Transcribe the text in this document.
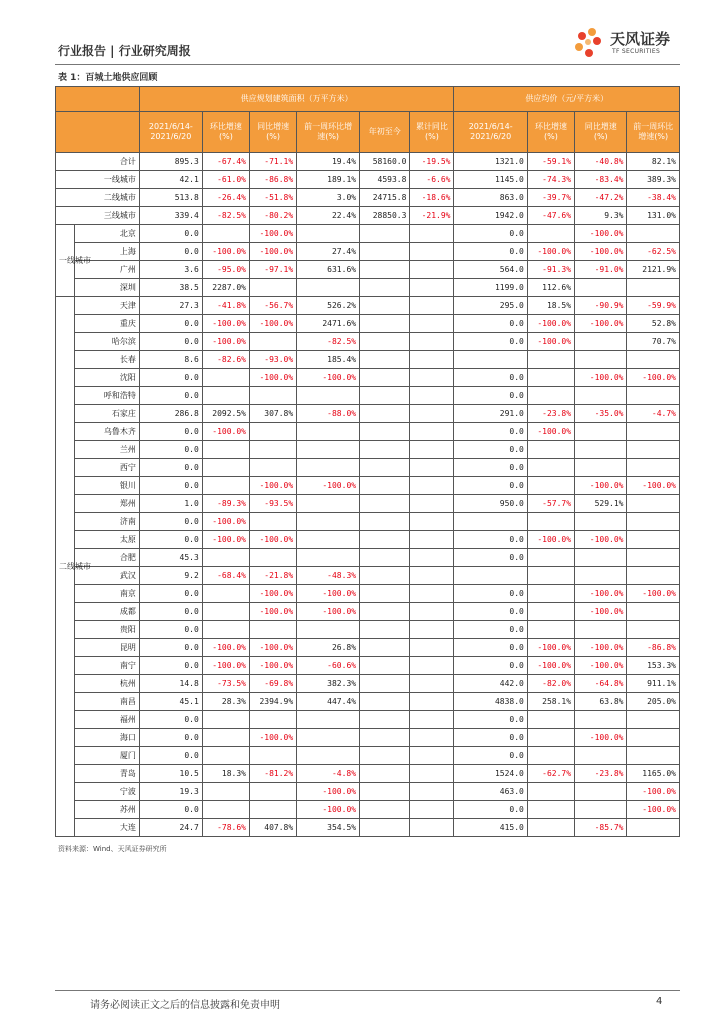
行业报告 | 行业研究周报
天风证券
TF SECURITIES
表 1：百城土地供应回顾
		供应规划建筑面积（万平方米）						供应均价（元/平方米）			
		2021/6/14-2021/6/20	环比增速(%)	同比增速(%)	前一周环比增速(%)	年初至今	累计同比(%)	2021/6/14-2021/6/20	环比增速(%)	同比增速(%)	前一周环比增速(%)
合计		895.3	-67.4%	-71.1%	19.4%	58160.0	-19.5%	1321.0	-59.1%	-40.8%	82.1%
一线城市		42.1	-61.0%	-86.8%	189.1%	4593.8	-6.6%	1145.0	-74.3%	-83.4%	389.3%
二线城市		513.8	-26.4%	-51.8%	3.0%	24715.8	-18.6%	863.0	-39.7%	-47.2%	-38.4%
三线城市		339.4	-82.5%	-80.2%	22.4%	28850.3	-21.9%	1942.0	-47.6%	9.3%	131.0%
一线城市	北京	0.0		-100.0%				0.0		-100.0%	
	上海	0.0	-100.0%	-100.0%	27.4%			0.0	-100.0%	-100.0%	-62.5%
	广州	3.6	-95.0%	-97.1%	631.6%			564.0	-91.3%	-91.0%	2121.9%
	深圳	38.5	2287.0%					1199.0	112.6%		
二线城市	天津	27.3	-41.8%	-56.7%	526.2%			295.0	18.5%	-90.9%	-59.9%
	重庆	0.0	-100.0%	-100.0%	2471.6%			0.0	-100.0%	-100.0%	52.8%
	哈尔滨	0.0	-100.0%		-82.5%			0.0	-100.0%		70.7%
	长春	8.6	-82.6%	-93.0%	185.4%						
	沈阳	0.0		-100.0%	-100.0%			0.0		-100.0%	-100.0%
	呼和浩特	0.0						0.0			
	石家庄	286.8	2092.5%	307.8%	-88.0%			291.0	-23.8%	-35.0%	-4.7%
	乌鲁木齐	0.0	-100.0%					0.0	-100.0%		
	兰州	0.0						0.0			
	西宁	0.0						0.0			
	银川	0.0		-100.0%	-100.0%			0.0		-100.0%	-100.0%
	郑州	1.0	-89.3%	-93.5%				950.0	-57.7%	529.1%	
	济南	0.0	-100.0%								
	太原	0.0	-100.0%	-100.0%				0.0	-100.0%	-100.0%	
	合肥	45.3						0.0			
	武汉	9.2	-68.4%	-21.8%	-48.3%						
	南京	0.0		-100.0%	-100.0%			0.0		-100.0%	-100.0%
	成都	0.0		-100.0%	-100.0%			0.0		-100.0%	
	贵阳	0.0						0.0			
	昆明	0.0	-100.0%	-100.0%	26.8%			0.0	-100.0%	-100.0%	-86.8%
	南宁	0.0	-100.0%	-100.0%	-60.6%			0.0	-100.0%	-100.0%	153.3%
	杭州	14.8	-73.5%	-69.8%	382.3%			442.0	-82.0%	-64.8%	911.1%
	南昌	45.1	28.3%	2394.9%	447.4%			4838.0	258.1%	63.8%	205.0%
	福州	0.0						0.0			
	海口	0.0		-100.0%				0.0		-100.0%	
	厦门	0.0						0.0			
	青岛	10.5	18.3%	-81.2%	-4.8%			1524.0	-62.7%	-23.8%	1165.0%
	宁波	19.3			-100.0%			463.0			-100.0%
	苏州	0.0			-100.0%			0.0			-100.0%
	大连	24.7	-78.6%	407.8%	354.5%			415.0		-85.7%	
资料来源：Wind、天风证券研究所
请务必阅读正文之后的信息披露和免责申明	4
